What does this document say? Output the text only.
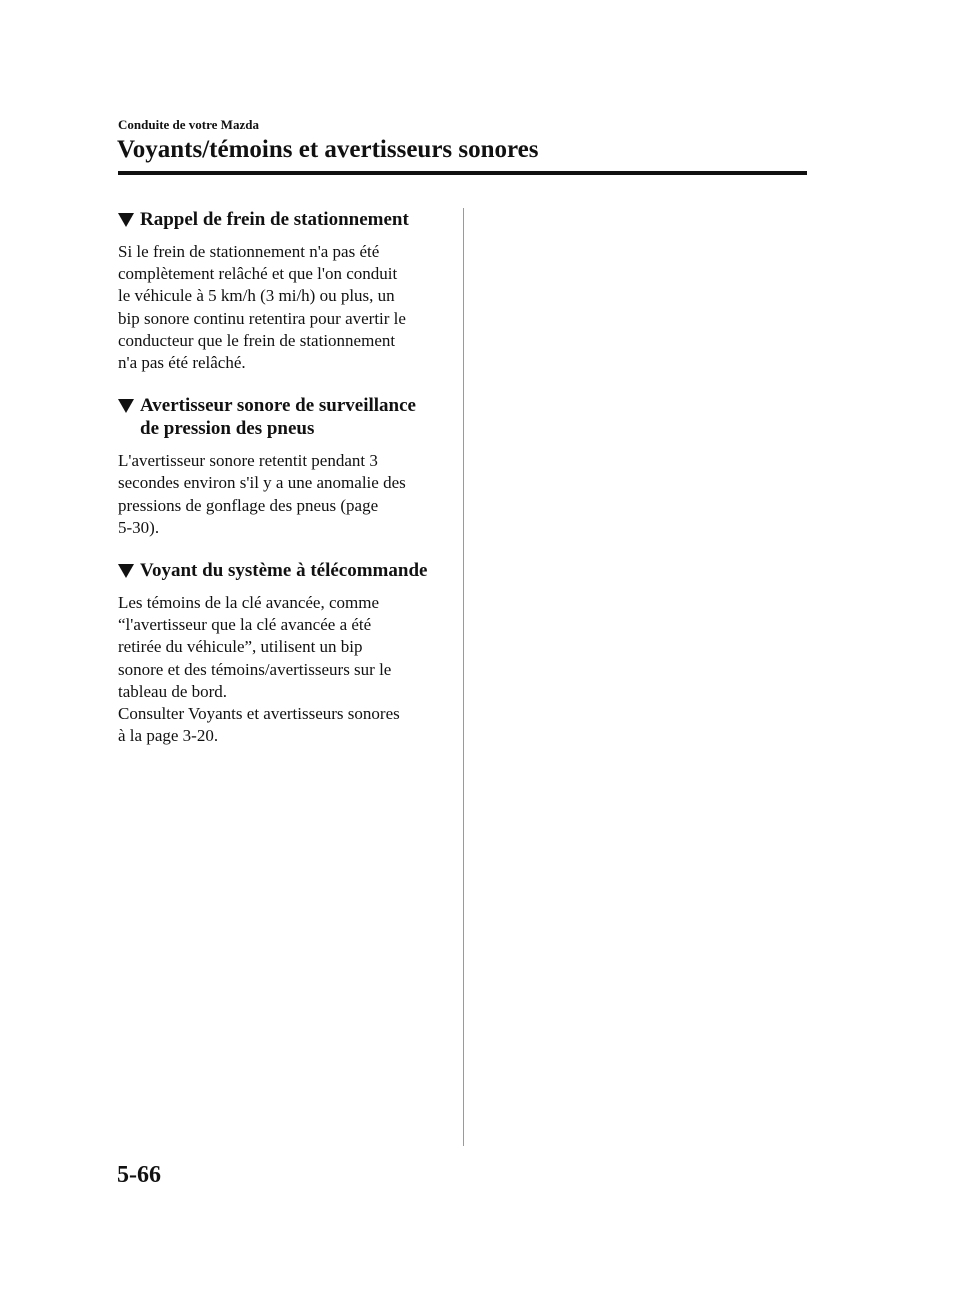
Conduite de votre Mazda
Voyants/témoins et avertisseurs sonores
Rappel de frein de stationnement

Si le frein de stationnement n'a pas été
complètement relâché et que l'on conduit
le véhicule à 5 km/h (3 mi/h) ou plus, un
bip sonore continu retentira pour avertir le
conducteur que le frein de stationnement
n'a pas été relâché.

Avertisseur sonore de surveillance
de pression des pneus

L'avertisseur sonore retentit pendant 3
secondes environ s'il y a une anomalie des
pressions de gonflage des pneus (page
5-30).

Voyant du système à télécommande

Les témoins de la clé avancée, comme
“l'avertisseur que la clé avancée a été
retirée du véhicule”, utilisent un bip
sonore et des témoins/avertisseurs sur le
tableau de bord.
Consulter Voyants et avertisseurs sonores
à la page 3-20.

5-66
